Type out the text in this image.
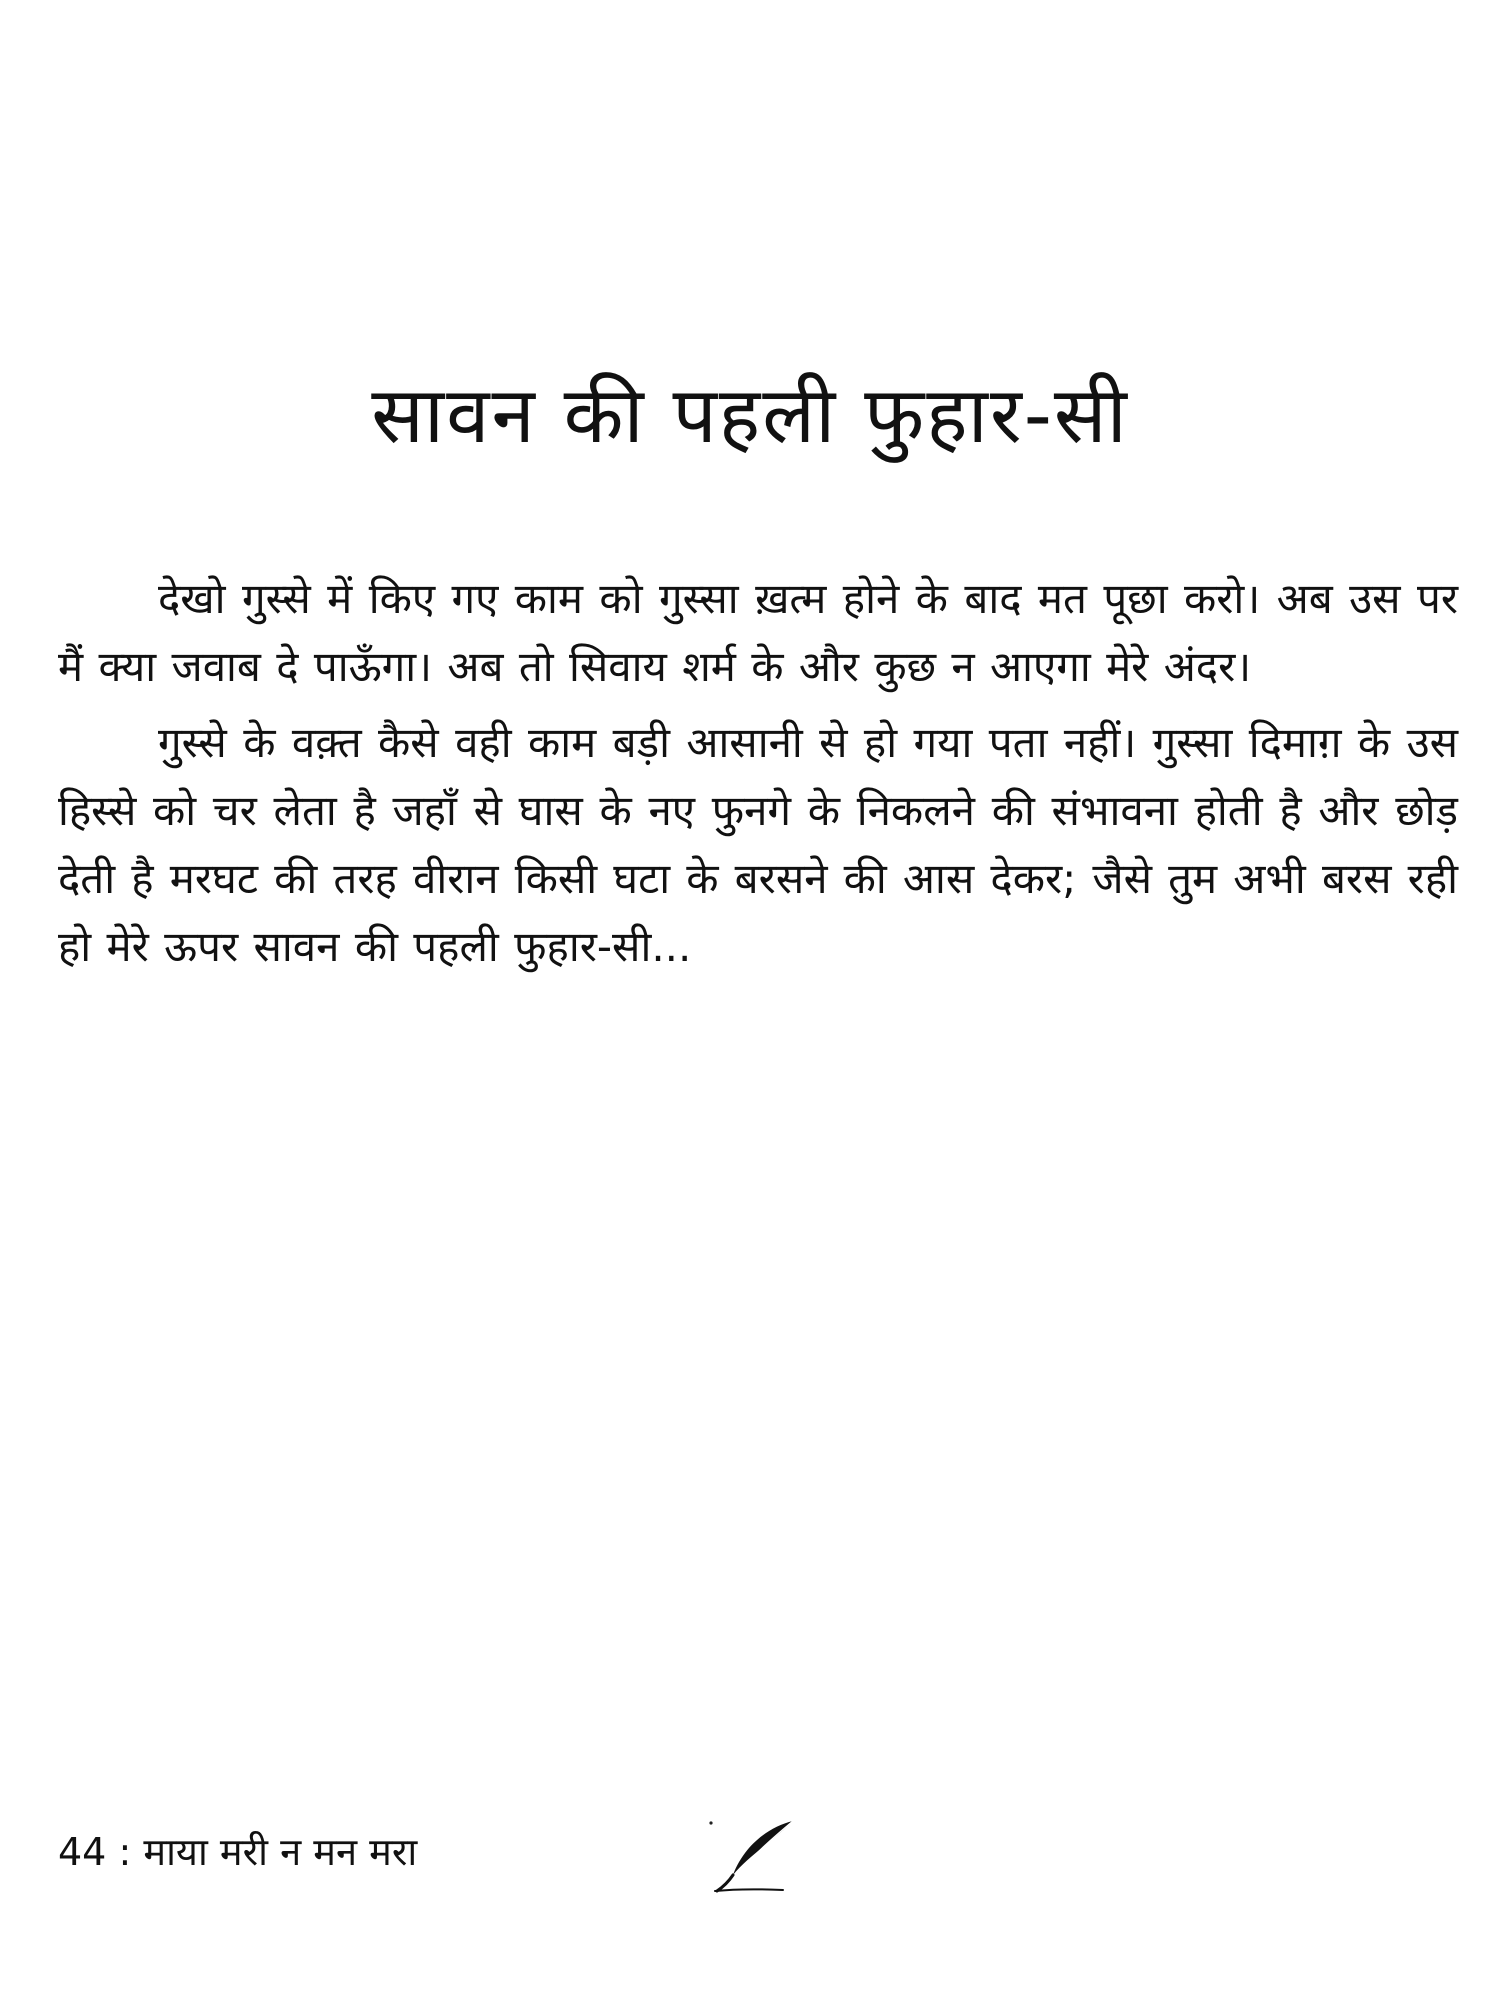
सावन की पहली फुहार-सी

देखो गुस्से में किए गए काम को गुस्सा ख़त्म होने के बाद मत पूछा करो। अब उस पर मैं क्या जवाब दे पाऊँगा। अब तो सिवाय शर्म के और कुछ न आएगा मेरे अंदर।

गुस्से के वक़्त कैसे वही काम बड़ी आसानी से हो गया पता नहीं। गुस्सा दिमाग़ के उस हिस्से को चर लेता है जहाँ से घास के नए फुनगे के निकलने की संभावना होती है और छोड़ देती है मरघट की तरह वीरान किसी घटा के बरसने की आस देकर; जैसे तुम अभी बरस रही हो मेरे ऊपर सावन की पहली फुहार-सी...

44 : माया मरी न मन मरा
